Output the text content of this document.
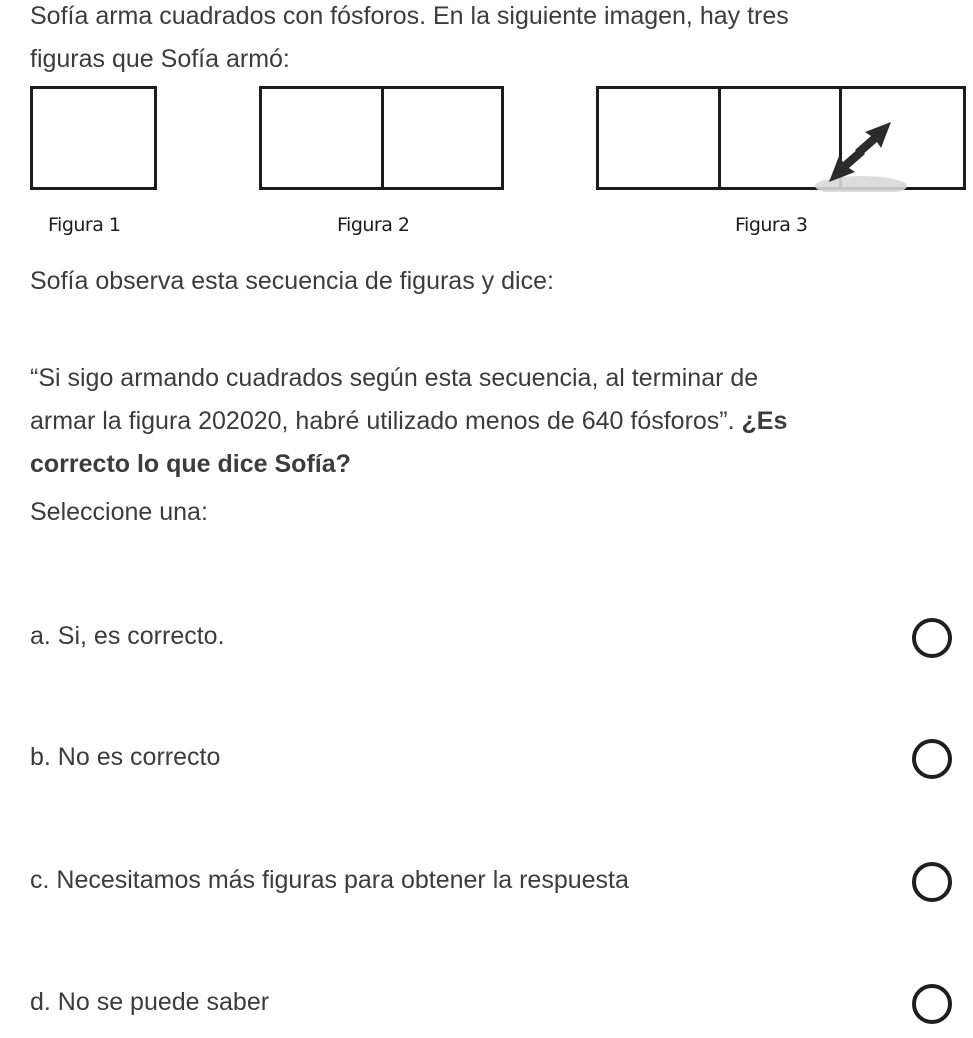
Sofía arma cuadrados con fósforos. En la siguiente imagen, hay tres
figuras que Sofía armó:

Figura 1	Figura 2	Figura 3

Sofía observa esta secuencia de figuras y dice:

“Si sigo armando cuadrados según esta secuencia, al terminar de
armar la figura 202020, habré utilizado menos de 640 fósforos”. ¿Es
correcto lo que dice Sofía?

Seleccione una:

a. Si, es correcto.
b. No es correcto
c. Necesitamos más figuras para obtener la respuesta
d. No se puede saber
